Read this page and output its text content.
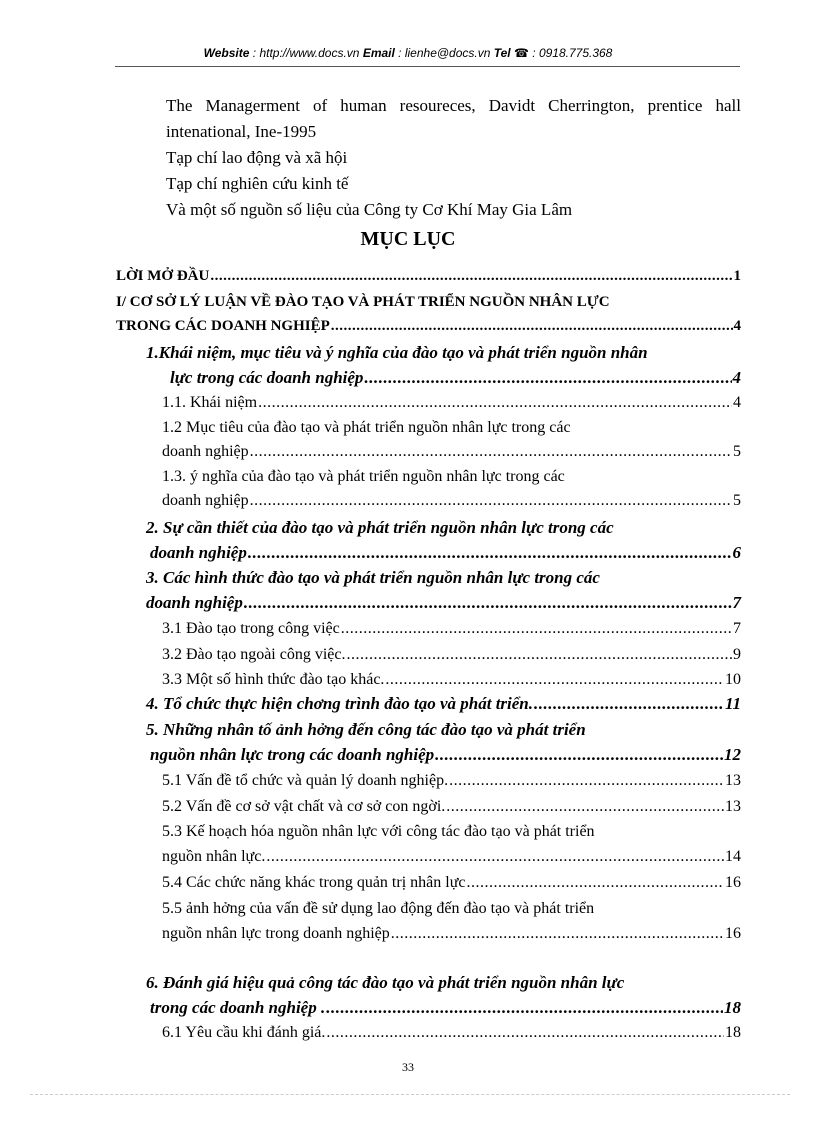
Website : http://www.docs.vn Email : lienhe@docs.vn Tel ☎ : 0918.775.368
The Managerment of human resoureces, Davidt Cherrington, prentice hall intenational, Ine-1995
Tạp chí lao động và xã hội
Tạp chí nghiên cứu kinh tế
Và một số nguồn số liệu của Công ty Cơ Khí May Gia Lâm
MỤC LỤC
LỜI MỞ ĐẦU .....	1
I/ CƠ SỞ LÝ LUẬN VỀ ĐÀO TẠO VÀ PHÁT TRIỂN NGUỒN NHÂN LỰC
TRONG CÁC DOANH NGHIỆP .....	4
1.Khái niệm, mục tiêu và ý nghĩa của đào tạo và phát triển nguồn nhân
lực trong các doanh nghiệp .....	4
1.1. Khái niệm .....	4
1.2 Mục tiêu của đào tạo và phát triển nguồn nhân lực trong các
doanh nghiệp .....	5
1.3. ý nghĩa của đào tạo và phát triển nguồn nhân lực trong các
doanh nghiệp .....	5
2. Sự cần thiết của đào tạo và phát triển nguồn nhân lực trong các
doanh nghiệp .....	6
3. Các hình thức đào tạo và phát triển nguồn nhân lực trong các
doanh nghiệp .....	7
3.1 Đào tạo trong công việc .....	7
3.2 Đào tạo ngoài công việc. .....	9
3.3 Một số hình thức đào tạo khác. .....	10
4. Tổ chức thực hiện chơng trình đào tạo và phát triển. .....	11
5. Những nhân tố ảnh hởng đến công tác đào tạo và phát triển
nguồn nhân lực trong các doanh nghiệp .....	12
5.1 Vấn đề tổ chức và quản lý doanh nghiệp. .....	13
5.2 Vấn đề cơ sở vật chất và cơ sở con ngời. .....	13
5.3 Kế hoạch hóa nguồn nhân lực với công tác đào tạo và phát triển
nguồn nhân lực. .....	14
5.4 Các chức năng khác trong quản trị nhân lực .....	16
5.5 ảnh hởng của vấn đề sử dụng lao động đến đào tạo và phát triển
nguồn nhân lực trong doanh nghiệp .....	16
6. Đánh giá hiệu quả công tác đào tạo và phát triển nguồn nhân lực
trong các doanh nghiệp . .....	18
6.1 Yêu cầu khi đánh giá. .....	18
33
